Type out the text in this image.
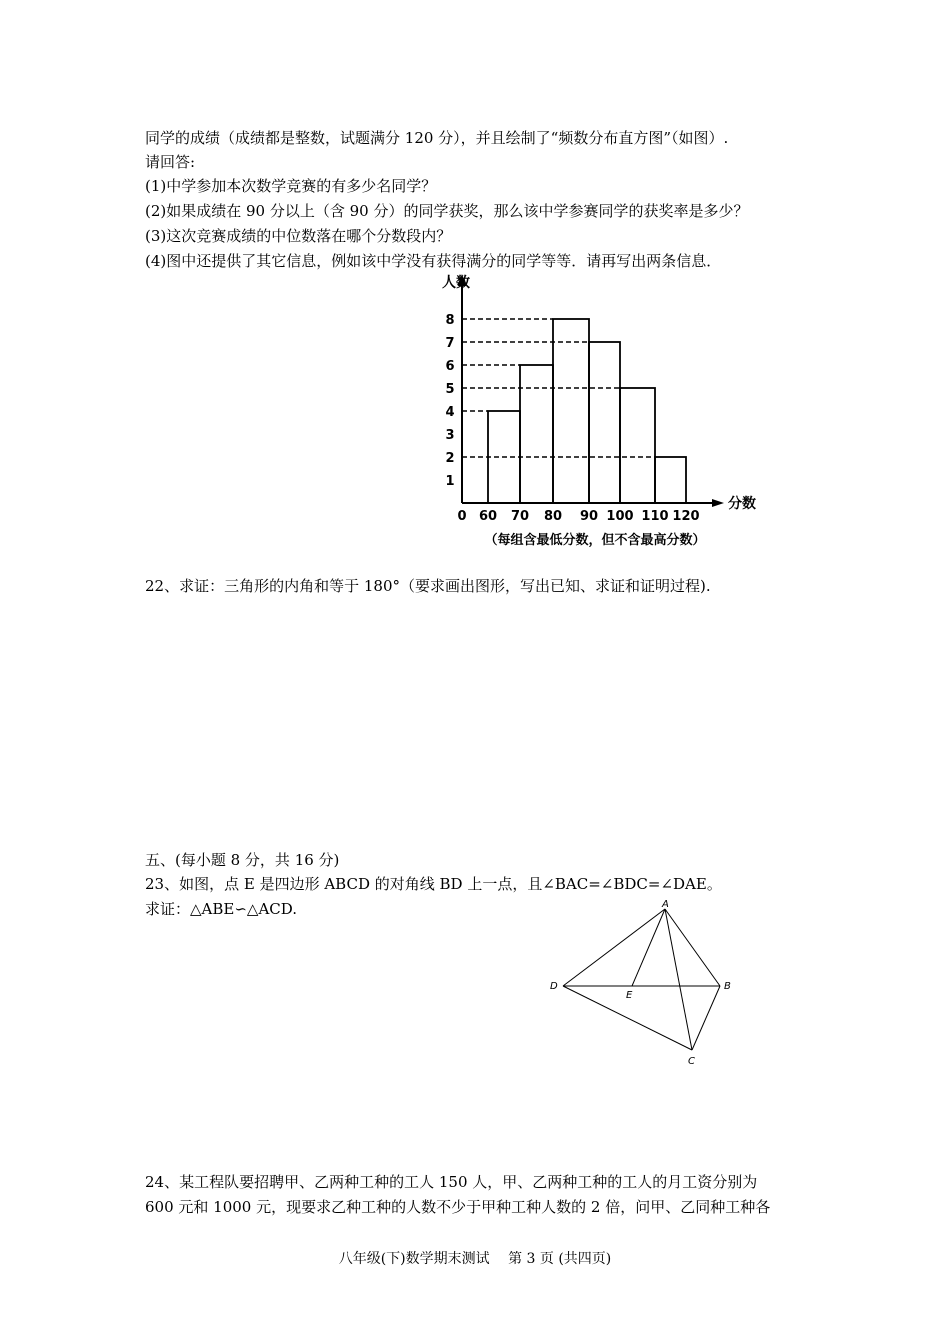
同学的成绩（成绩都是整数，试题满分 120 分），并且绘制了“频数分布直方图”（如图）.
请回答:
(1)中学参加本次数学竞赛的有多少名同学？
(2)如果成绩在 90 分以上（含 90 分）的同学获奖，那么该中学参赛同学的获奖率是多少？
(3)这次竞赛成绩的中位数落在哪个分数段内？
(4)图中还提供了其它信息，例如该中学没有获得满分的同学等等．请再写出两条信息．
1
2
3
4
5
6
7
8
60 70 80 90 100 110 120
0
人数
分数
（每组含最低分数，但不含最高分数）
22、求证：三角形的内角和等于 180°（要求画出图形，写出已知、求证和证明过程).
五、(每小题 8 分，共 16 分)
23、如图，点 E 是四边形 ABCD 的对角线 BD 上一点，且∠BAC=∠BDC=∠DAE。
求证：△ABE∽△ACD.	A
D
E
B
C
24、某工程队要招聘甲、乙两种工种的工人 150 人，甲、乙两种工种的工人的月工资分别为
600 元和 1000 元，现要求乙种工种的人数不少于甲种工种人数的 2 倍，问甲、乙同种工种各
八年级(下)数学期末测试　 第 3 页 (共四页)
